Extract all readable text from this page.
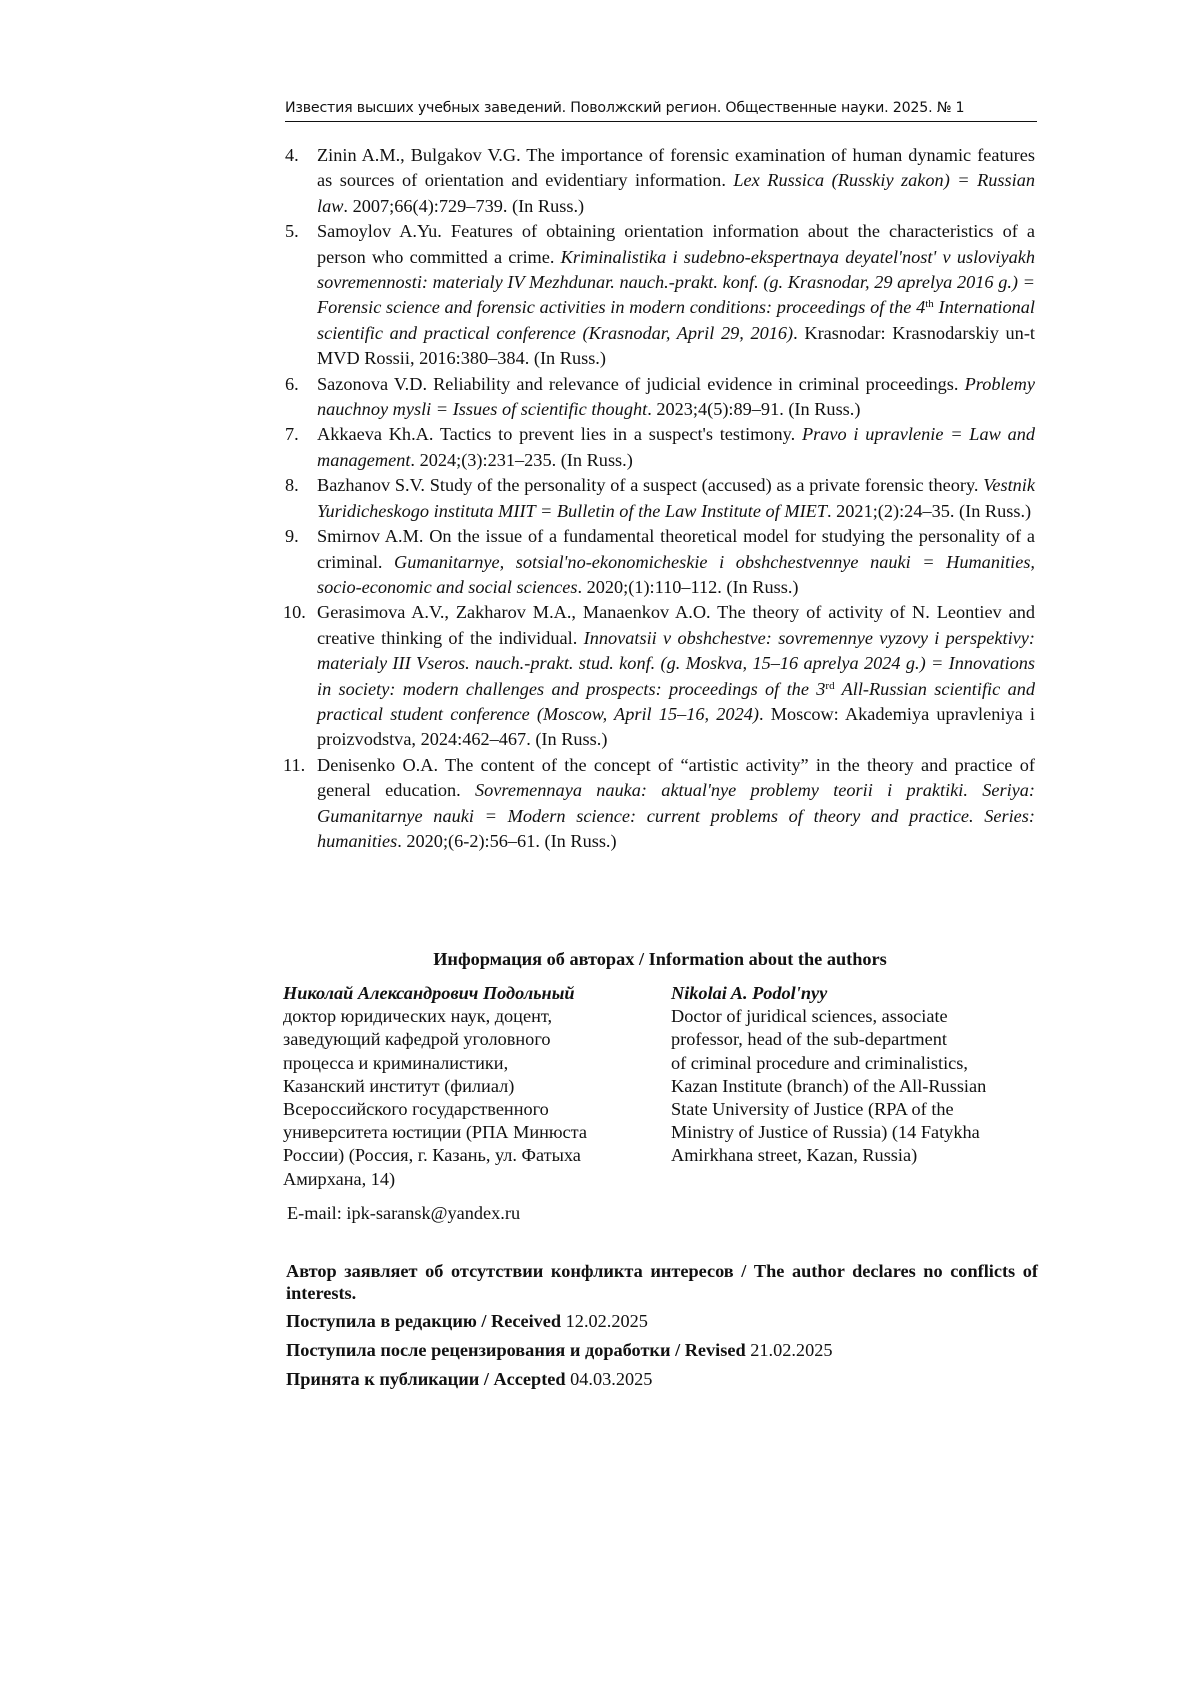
Известия высших учебных заведений. Поволжский регион. Общественные науки. 2025. № 1
4. Zinin A.M., Bulgakov V.G. The importance of forensic examination of human dynamic features as sources of orientation and evidentiary information. Lex Russica (Russkiy zakon) = Russian law. 2007;66(4):729–739. (In Russ.)
5. Samoylov A.Yu. Features of obtaining orientation information about the characteristics of a person who committed a crime. Kriminalistika i sudebno-ekspertnaya deyatel'nost' v usloviyakh sovremennosti: materialy IV Mezhdunar. nauch.-prakt. konf. (g. Krasnodar, 29 aprelya 2016 g.) = Forensic science and forensic activities in modern conditions: proceedings of the 4th International scientific and practical conference (Krasnodar, April 29, 2016). Krasnodar: Krasnodarskiy un-t MVD Rossii, 2016:380–384. (In Russ.)
6. Sazonova V.D. Reliability and relevance of judicial evidence in criminal proceedings. Problemy nauchnoy mysli = Issues of scientific thought. 2023;4(5):89–91. (In Russ.)
7. Akkaeva Kh.A. Tactics to prevent lies in a suspect's testimony. Pravo i upravlenie = Law and management. 2024;(3):231–235. (In Russ.)
8. Bazhanov S.V. Study of the personality of a suspect (accused) as a private forensic theory. Vestnik Yuridicheskogo instituta MIIT = Bulletin of the Law Institute of MIET. 2021;(2):24–35. (In Russ.)
9. Smirnov A.M. On the issue of a fundamental theoretical model for studying the personality of a criminal. Gumanitarnye, sotsial'no-ekonomicheskie i obshchestvennye nauki = Humanities, socio-economic and social sciences. 2020;(1):110–112. (In Russ.)
10. Gerasimova A.V., Zakharov M.A., Manaenkov A.O. The theory of activity of N. Leontiev and creative thinking of the individual. Innovatsii v obshchestve: sovremennye vyzovy i perspektivy: materialy III Vseros. nauch.-prakt. stud. konf. (g. Moskva, 15–16 aprelya 2024 g.) = Innovations in society: modern challenges and prospects: proceedings of the 3rd All-Russian scientific and practical student conference (Moscow, April 15–16, 2024). Moscow: Akademiya upravleniya i proizvodstva, 2024:462–467. (In Russ.)
11. Denisenko O.A. The content of the concept of “artistic activity” in the theory and practice of general education. Sovremennaya nauka: aktual'nye problemy teorii i praktiki. Seriya: Gumanitarnye nauki = Modern science: current problems of theory and practice. Series: humanities. 2020;(6-2):56–61. (In Russ.)
Информация об авторах / Information about the authors
Николай Александрович Подольный
доктор юридических наук, доцент,
заведующий кафедрой уголовного
процесса и криминалистики,
Казанский институт (филиал)
Всероссийского государственного
университета юстиции (РПА Минюста
России) (Россия, г. Казань, ул. Фатыха
Амирхана, 14)
Nikolai A. Podol'nyy
Doctor of juridical sciences, associate
professor, head of the sub-department
of criminal procedure and criminalistics,
Kazan Institute (branch) of the All-Russian
State University of Justice (RPA of the
Ministry of Justice of Russia) (14 Fatykha
Amirkhana street, Kazan, Russia)
E-mail: ipk-saransk@yandex.ru
Автор заявляет об отсутствии конфликта интересов / The author declares no conflicts of interests.
Поступила в редакцию / Received 12.02.2025
Поступила после рецензирования и доработки / Revised 21.02.2025
Принята к публикации / Accepted 04.03.2025
